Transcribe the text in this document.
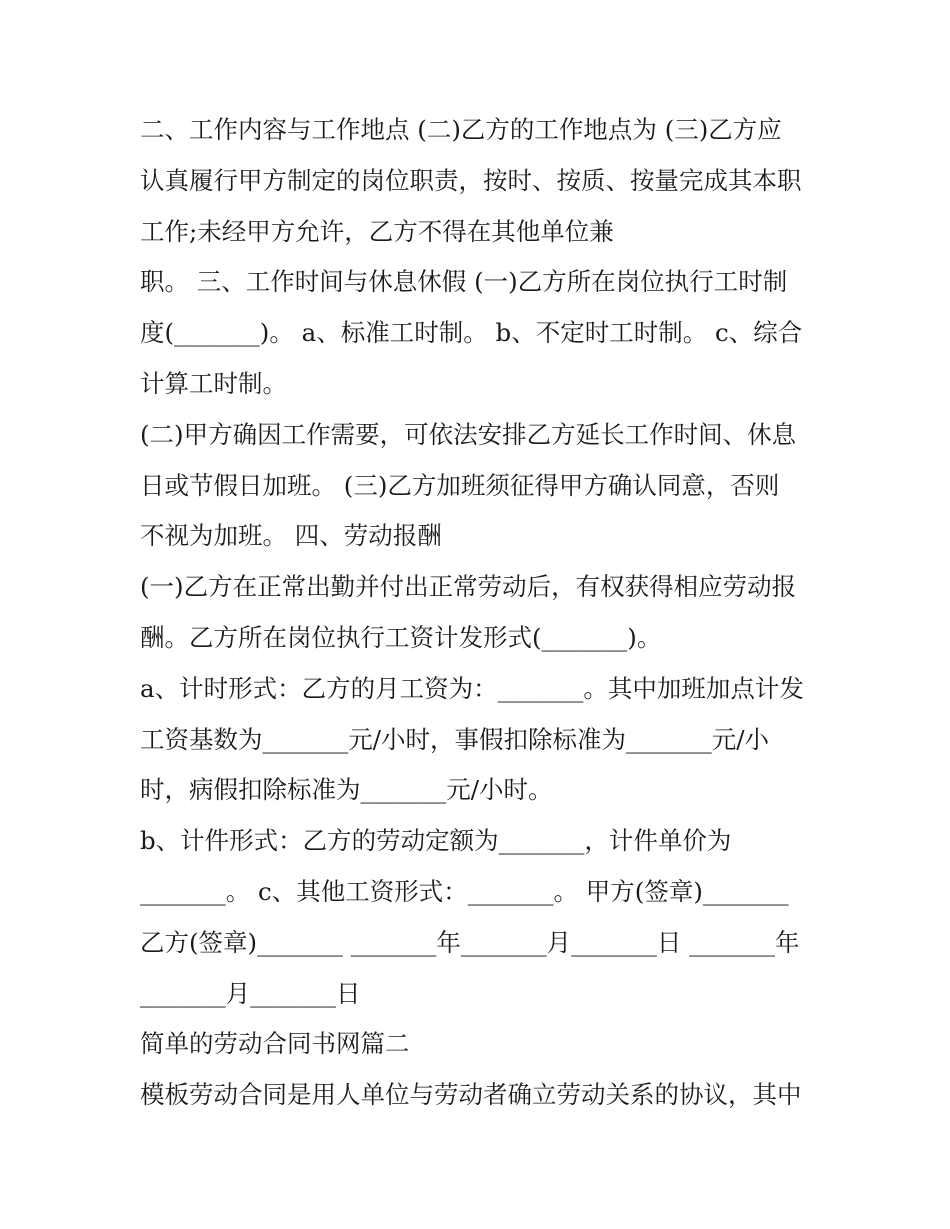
二、工作内容与工作地点 (二)乙方的工作地点为 (三)乙方应
认真履行甲方制定的岗位职责，按时、按质、按量完成其本职
工作;未经甲方允许，乙方不得在其他单位兼
职。 三、工作时间与休息休假 (一)乙方所在岗位执行工时制
度(_______)。 a、标准工时制。 b、不定时工时制。 c、综合
计算工时制。
(二)甲方确因工作需要，可依法安排乙方延长工作时间、休息
日或节假日加班。 (三)乙方加班须征得甲方确认同意，否则
不视为加班。 四、劳动报酬
(一)乙方在正常出勤并付出正常劳动后，有权获得相应劳动报
酬。乙方所在岗位执行工资计发形式(_______)。
a、计时形式：乙方的月工资为：_______。其中加班加点计发
工资基数为_______元/小时，事假扣除标准为_______元/小
时，病假扣除标准为_______元/小时。
b、计件形式：乙方的劳动定额为_______，计件单价为
_______。 c、其他工资形式：_______。 甲方(签章)_______
乙方(签章)_______ _______年_______月_______日 _______年
_______月_______日
简单的劳动合同书网篇二
模板劳动合同是用人单位与劳动者确立劳动关系的协议，其中
